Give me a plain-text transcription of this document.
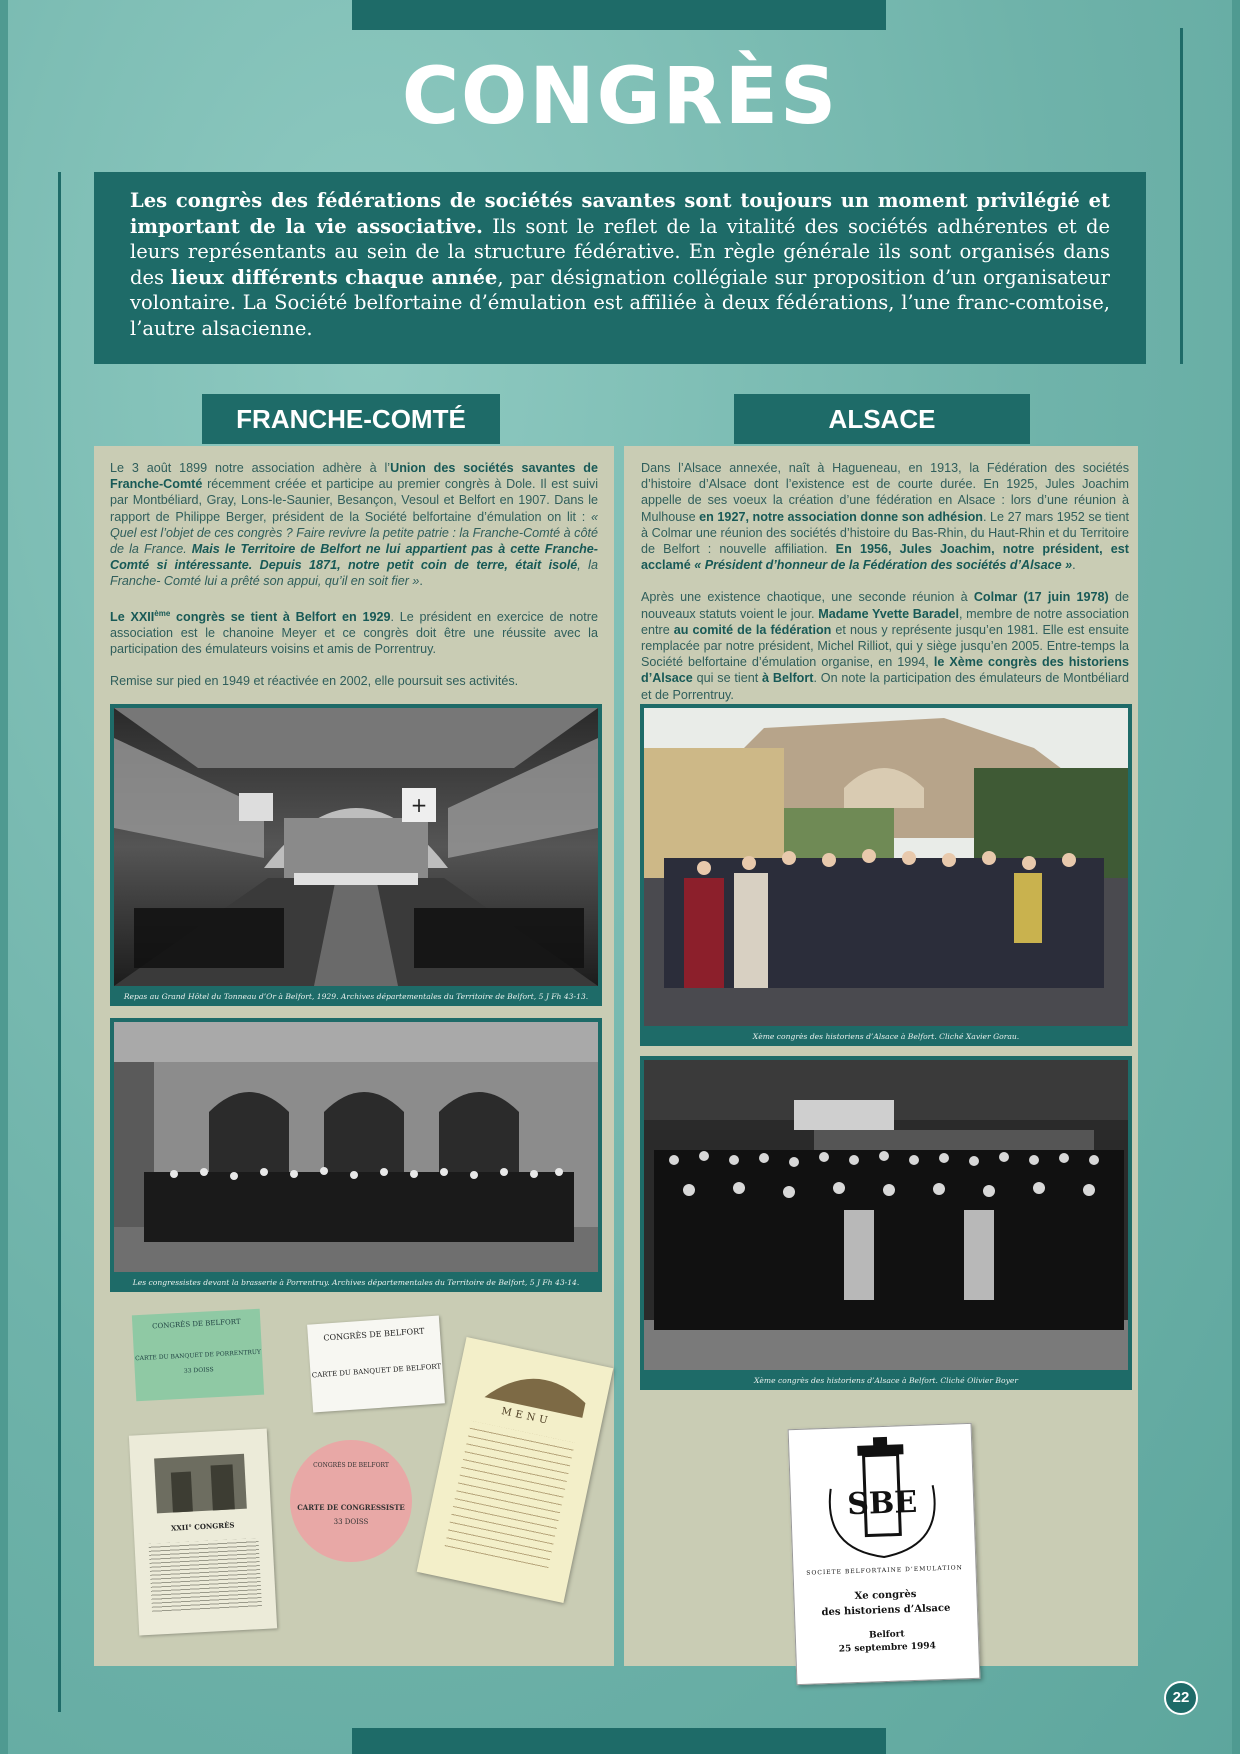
CONGRÈS
Les congrès des fédérations de sociétés savantes sont toujours un moment privilégié et important de la vie associative. Ils sont le reflet de la vitalité des sociétés adhérentes et de leurs représentants au sein de la structure fédérative. En règle générale ils sont organisés dans des lieux différents chaque année, par désignation collégiale sur proposition d’un organisateur volontaire. La Société belfortaine d’émulation est affiliée à deux fédérations, l’une franc-comtoise, l’autre alsacienne.
FRANCHE-COMTÉ

Le 3 août 1899 notre association adhère à l’Union des sociétés savantes de Franche-Comté récemment créée et participe au premier congrès à Dole. Il est suivi par Montbéliard, Gray, Lons-le-Saunier, Besançon, Vesoul et Belfort en 1907. Dans le rapport de Philippe Berger, président de la Société belfortaine d’émulation on lit : « Quel est l’objet de ces congrès ? Faire revivre la petite patrie : la Franche-Comté à côté de la France. Mais le Territoire de Belfort ne lui appartient pas à cette Franche-Comté si intéressante. Depuis 1871, notre petit coin de terre, était isolé, la Franche- Comté lui a prêté son appui, qu’il en soit fier ».

Le XXIIème congrès se tient à Belfort en 1929. Le président en exercice de notre association est le chanoine Meyer et ce congrès doit être une réussite avec la participation des émulateurs voisins et amis de Porrentruy.

Remise sur pied en 1949 et réactivée en 2002, elle poursuit ses activités.

+
Repas au Grand Hôtel du Tonneau d’Or à Belfort, 1929. Archives départementales du Territoire de Belfort, 5 J Fh 43-13.
Les congressistes devant la brasserie à Porrentruy. Archives départementales du Territoire de Belfort, 5 J Fh 43-14.
CONGRÈS DE BELFORT
CARTE DU BANQUET DE PORRENTRUY
33 DOISS
CONGRÈS DE BELFORT
CARTE DU BANQUET DE BELFORT
XXII° CONGRÈS
CONGRÈS DE BELFORT
CARTE DE CONGRESSISTE
33 DOISS
MENU
ALSACE

Dans l’Alsace annexée, naît à Hagueneau, en 1913, la Fédération des sociétés d’histoire d’Alsace dont l’existence est de courte durée. En 1925, Jules Joachim appelle de ses voeux la création d’une fédération en Alsace : lors d’une réunion à Mulhouse en 1927, notre association donne son adhésion. Le 27 mars 1952 se tient à Colmar une réunion des sociétés d’histoire du Bas-Rhin, du Haut-Rhin et du Territoire de Belfort : nouvelle affiliation. En 1956, Jules Joachim, notre président, est acclamé « Président d’honneur de la Fédération des sociétés d’Alsace ».

Après une existence chaotique, une seconde réunion à Colmar (17 juin 1978) de nouveaux statuts voient le jour. Madame Yvette Baradel, membre de notre association entre au comité de la fédération et nous y représente jusqu’en 1981. Elle est ensuite remplacée par notre président, Michel Rilliot, qui y siège jusqu’en 2005. Entre-temps la Société belfortaine d’émulation organise, en 1994, le Xème congrès des historiens d’Alsace qui se tient à Belfort. On note la participation des émulateurs de Montbéliard et de Porrentruy.

Xème congrès des historiens d’Alsace à Belfort. Cliché Xavier Gorau.
Xème congrès des historiens d’Alsace à Belfort. Cliché Olivier Boyer
SBE
SOCIETE BELFORTAINE D’EMULATION
Xe congrès
des historiens d’Alsace
Belfort
25 septembre 1994
22
